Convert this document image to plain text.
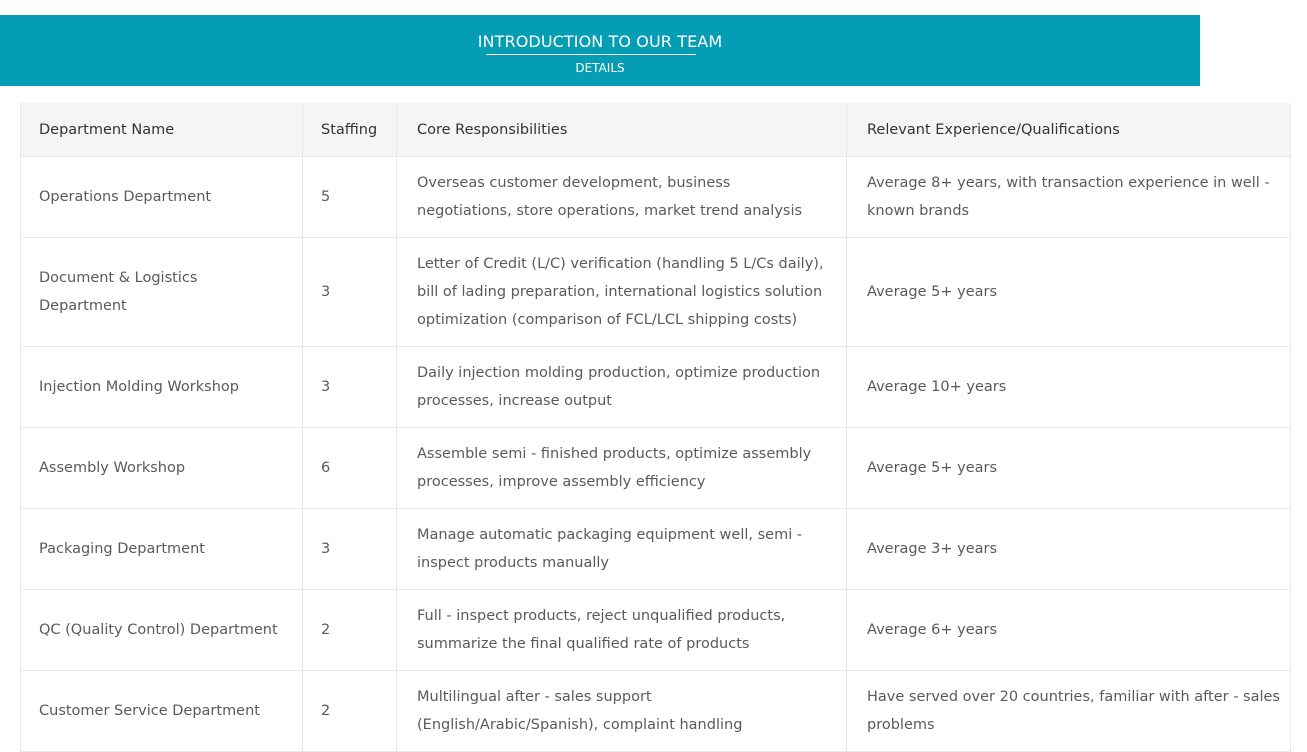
INTRODUCTION TO OUR TEAM
DETAILS
Department Name	Staffing	Core Responsibilities	Relevant Experience/Qualifications
Operations Department	5	Overseas customer development, business negotiations, store operations, market trend analysis	Average 8+ years, with transaction experience in well - known brands

Document & Logistics Department	3	Letter of Credit (L/C) verification (handling 5 L/Cs daily), bill of lading preparation, international logistics solution optimization (comparison of FCL/LCL shipping costs)	Average 5+ years

Injection Molding Workshop	3	Daily injection molding production, optimize production processes, increase output	Average 10+ years

Assembly Workshop	6	Assemble semi - finished products, optimize assembly processes, improve assembly efficiency	Average 5+ years

Packaging Department	3	Manage automatic packaging equipment well, semi - inspect products manually	Average 3+ years

QC (Quality Control) Department	2	Full - inspect products, reject unqualified products, summarize the final qualified rate of products	Average 6+ years

Customer Service Department	2	Multilingual after - sales support (English/Arabic/Spanish), complaint handling	Have served over 20 countries, familiar with after - sales problems
